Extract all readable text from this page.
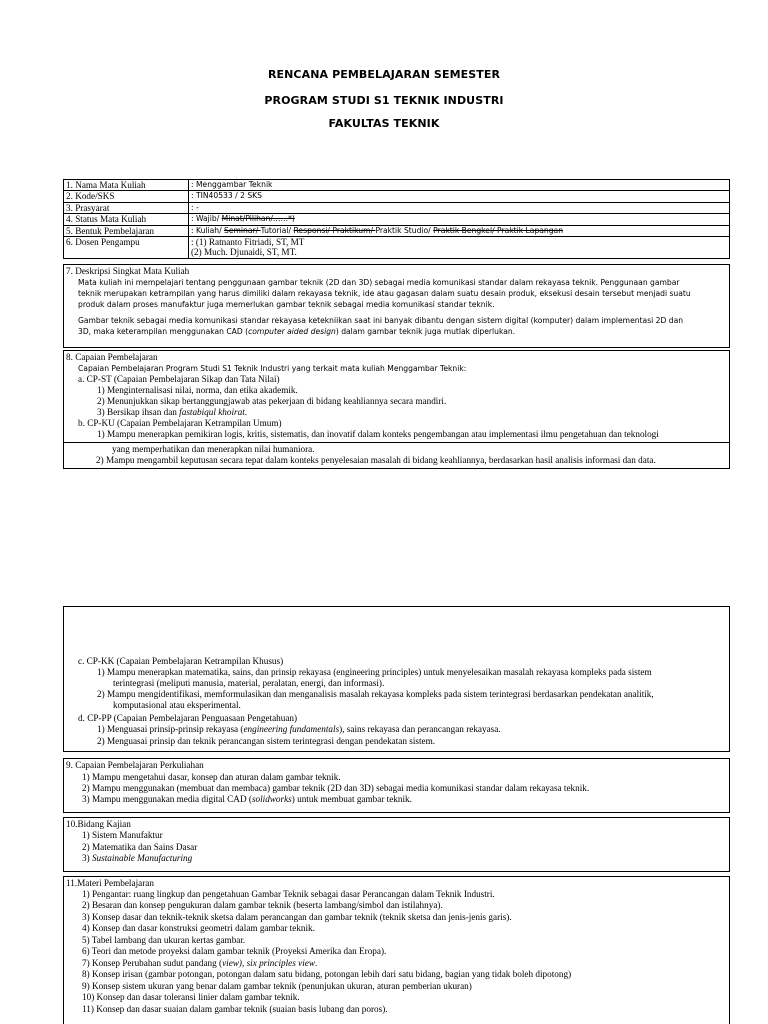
RENCANA PEMBELAJARAN SEMESTER
PROGRAM STUDI S1 TEKNIK INDUSTRI
FAKULTAS TEKNIK
1. Nama Mata Kuliah	: Menggambar Teknik
2. Kode/SKS	: TIN40533 / 2 SKS
3. Prasyarat	: -
4. Status Mata Kuliah	: Wajib/ Minat/Pilihan/……*)
5. Bentuk Pembelajaran	: Kuliah/ Seminar/ Tutorial/ Responsi/ Praktikum/ Praktik Studio/ Praktik Bengkel/ Praktik Lapangan
6. Dosen Pengampu	: (1) Ratnanto Fitriadi, ST, MT
(2) Much. Djunaidi, ST, MT.
7. Deskripsi Singkat Mata Kuliah
Mata kuliah ini mempelajari tentang penggunaan gambar teknik (2D dan 3D) sebagai media komunikasi standar dalam rekayasa teknik. Penggunaan gambar
teknik merupakan ketrampilan yang harus dimiliki dalam rekayasa teknik, ide atau gagasan dalam suatu desain produk, eksekusi desain tersebut menjadi suatu
produk dalam proses manufaktur juga memerlukan gambar teknik sebagai media komunikasi standar teknik.
Gambar teknik sebagai media komunikasi standar rekayasa ketekniikan saat ini banyak dibantu dengan sistem digital (komputer) dalam implementasi 2D dan
3D, maka keterampilan menggunakan CAD (computer aided design) dalam gambar teknik juga mutlak diperlukan.
8. Capaian Pembelajaran
Capaian Pembelajaran Program Studi S1 Teknik Industri yang terkait mata kuliah Menggambar Teknik:
a. CP-ST (Capaian Pembelajaran Sikap dan Tata Nilai)
1) Menginternalisasi nilai, norma, dan etika akademik.
2) Menunjukkan sikap bertanggungjawab atas pekerjaan di bidang keahliannya secara mandiri.
3) Bersikap ihsan dan fastabiqul khoirat.
b. CP-KU (Capaian Pembelajaran Ketrampilan Umum)
1) Mampu menerapkan pemikiran logis, kritis, sistematis, dan inovatif dalam konteks pengembangan atau implementasi ilmu pengetahuan dan teknologi
yang memperhatikan dan menerapkan nilai humaniora.
2) Mampu mengambil keputusan secara tepat dalam konteks penyelesaian masalah di bidang keahliannya, berdasarkan hasil analisis informasi dan data.
c. CP-KK (Capaian Pembelajaran Ketrampilan Khusus)
1) Mampu menerapkan matematika, sains, dan prinsip rekayasa (engineering principles) untuk menyelesaikan masalah rekayasa kompleks pada sistem
terintegrasi (meliputi manusia, material, peralatan, energi, dan informasi).
2) Mampu mengidentifikasi, memformulasikan dan menganalisis masalah rekayasa kompleks pada sistem terintegrasi berdasarkan pendekatan analitik,
komputasional atau eksperimental.
d. CP-PP (Capaian Pembelajaran Penguasaan Pengetahuan)
1) Menguasai prinsip-prinsip rekayasa (engineering fundamentals), sains rekayasa dan perancangan rekayasa.
2) Menguasai prinsip dan teknik perancangan sistem terintegrasi dengan pendekatan sistem.
9. Capaian Pembelajaran Perkuliahan
1) Mampu mengetahui dasar, konsep dan aturan dalam gambar teknik.
2) Mampu menggunakan (membuat dan membaca) gambar teknik (2D dan 3D) sebagai media komunikasi standar dalam rekayasa teknik.
3) Mampu menggunakan media digital CAD (solidworks) untuk membuat gambar teknik.
10.Bidang Kajian
1) Sistem Manufaktur
2) Matematika dan Sains Dasar
3) Sustainable Manufacturing
11.Materi Pembelajaran
1) Pengantar: ruang lingkup dan pengetahuan Gambar Teknik sebagai dasar Perancangan dalam Teknik Industri.
2) Besaran dan konsep pengukuran dalam gambar teknik (beserta lambang/simbol dan istilahnya).
3) Konsep dasar dan teknik-teknik sketsa dalam perancangan dan gambar teknik (teknik sketsa dan jenis-jenis garis).
4) Konsep dan dasar konstruksi geometri dalam gambar teknik.
5) Tabel lambang dan ukuran kertas gambar.
6) Teori dan metode proyeksi dalam gambar teknik (Proyeksi Amerika dan Eropa).
7) Konsep Perubahan sudut pandang (view), six principles view.
8) Konsep irisan (gambar potongan, potongan dalam satu bidang, potongan lebih dari satu bidang, bagian yang tidak boleh dipotong)
9) Konsep sistem ukuran yang benar dalam gambar teknik (penunjukan ukuran, aturan pemberian ukuran)
10) Konsep dan dasar toleransi linier dalam gambar teknik.
11) Konsep dan dasar suaian dalam gambar teknik (suaian basis lubang dan poros).
